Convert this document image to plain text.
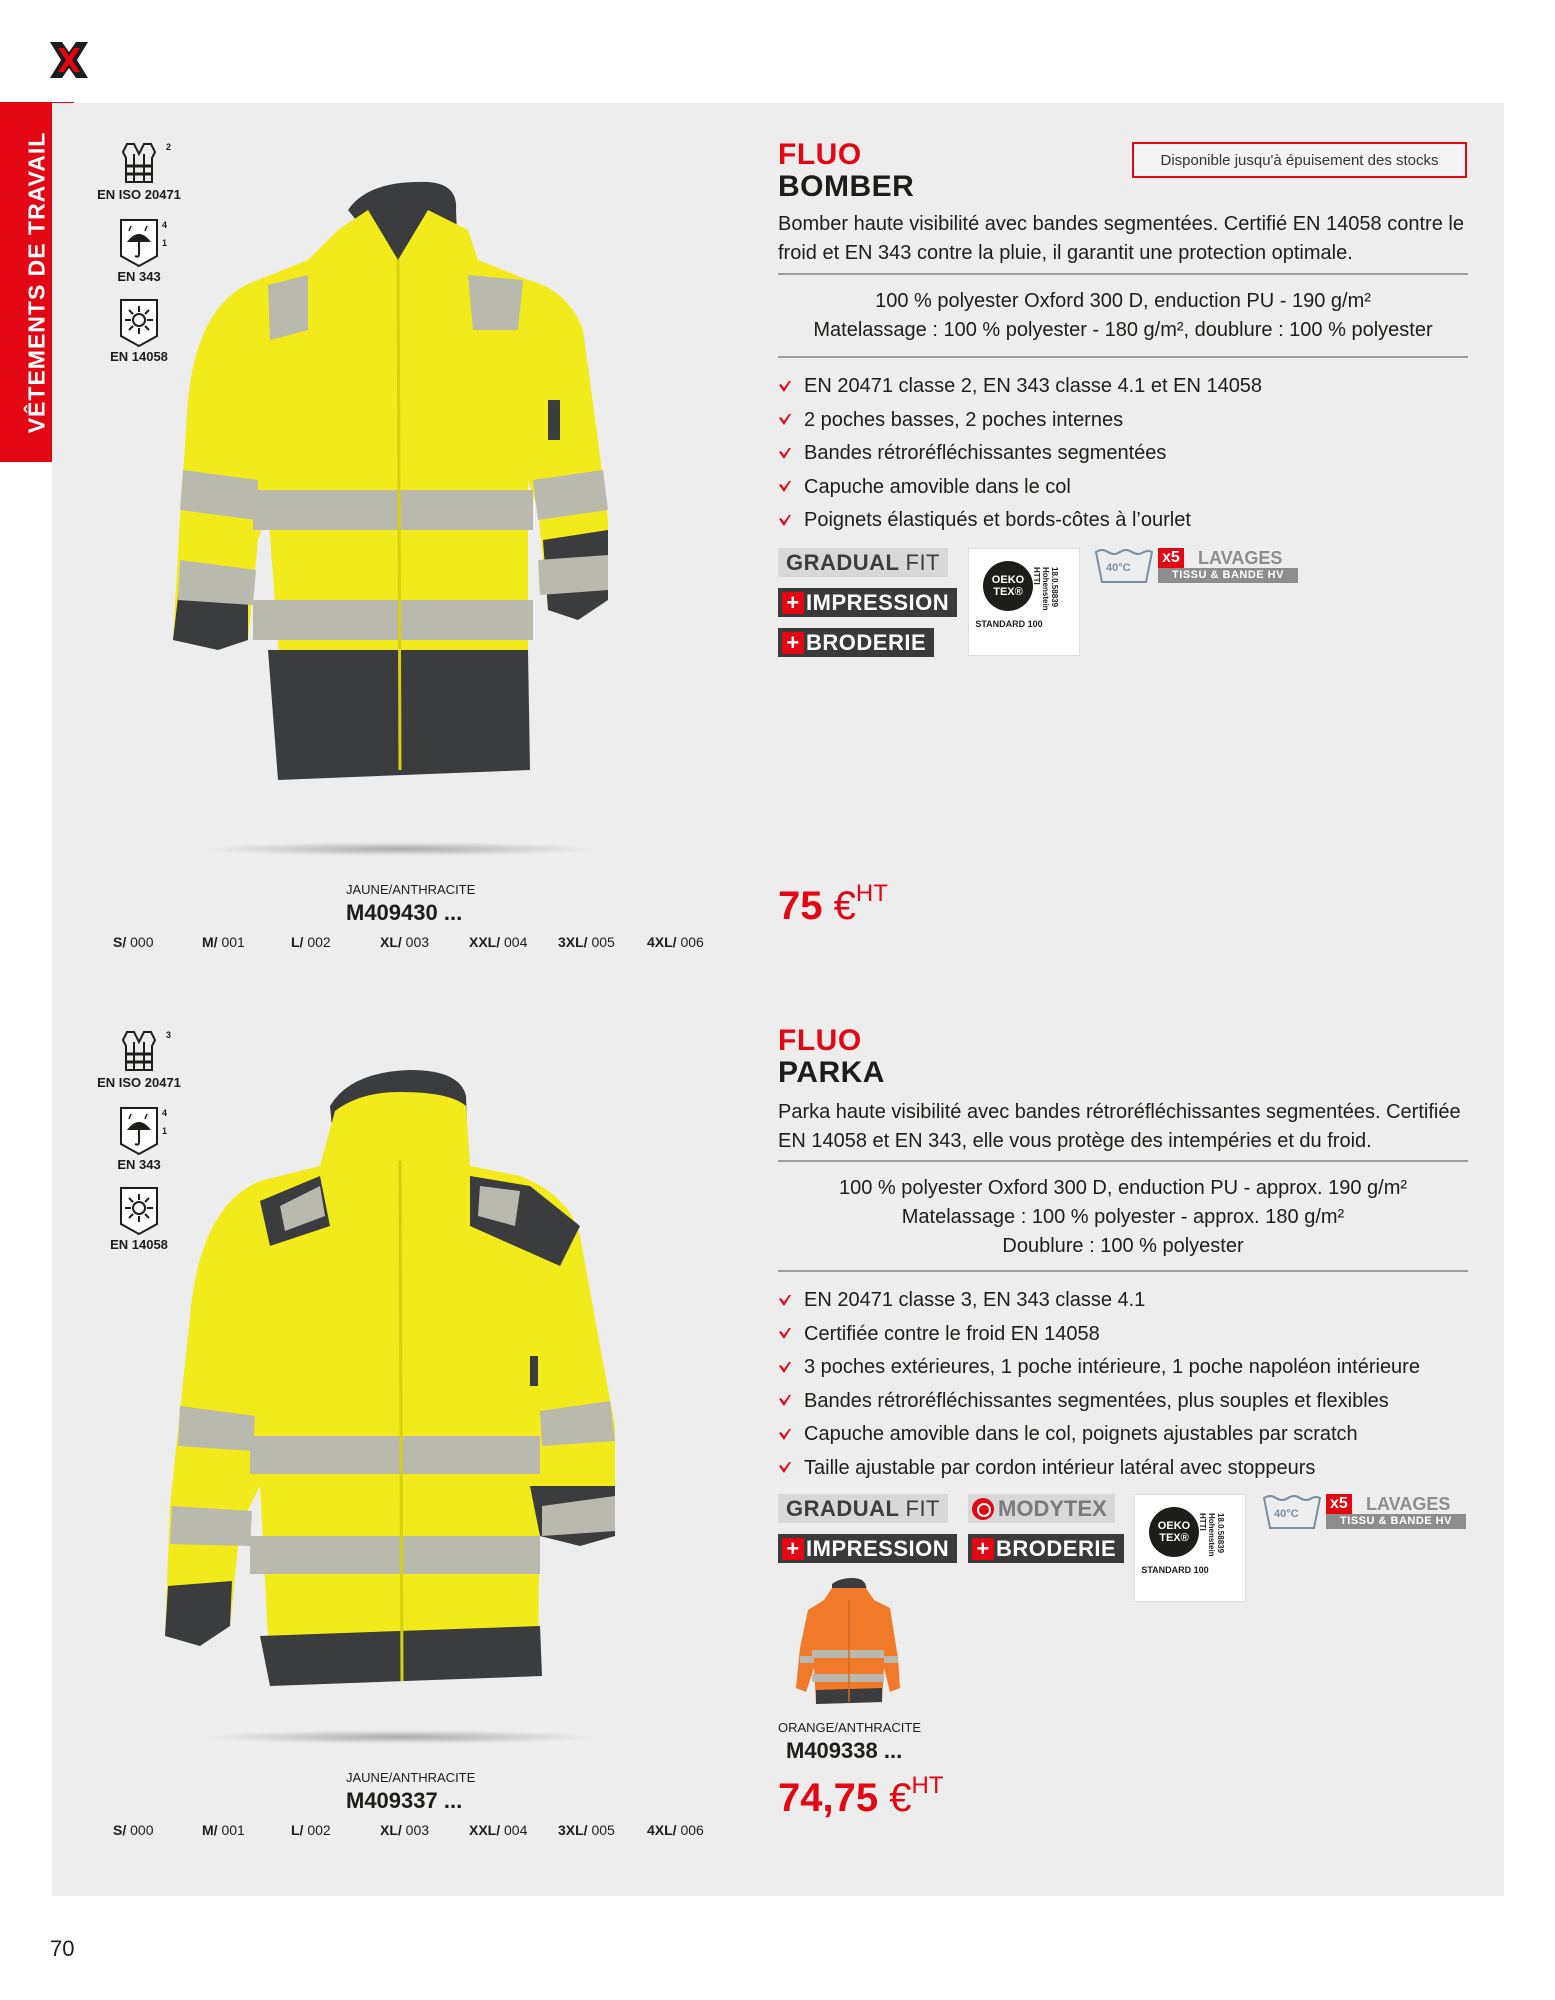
VÊTEMENTS DE TRAVAIL	2
EN ISO 20471
4
1
EN 343
EN 14058
JAUNE/ANTHRACITE
M409430 ...
S/ 000	M/ 001	L/ 002	XL/ 003	XXL/ 004	3XL/ 005	4XL/ 006
FLUO
BOMBER
Disponible jusqu'à épuisement des stocks

Bomber haute visibilité avec bandes segmentées. Certifié EN 14058 contre le froid et EN 343 contre la pluie, il garantit une protection optimale.

100 % polyester Oxford 300 D, enduction PU - 190 g/m²
Matelassage : 100 % polyester - 180 g/m², doublure : 100 % polyester
EN 20471 classe 2, EN 343 classe 4.1 et EN 14058
2 poches basses, 2 poches internes
Bandes rétroréfléchissantes segmentées
Capuche amovible dans le col
Poignets élastiqués et bords-côtes à l’ourlet
GRADUAL FIT
+ IMPRESSION
+ BRODERIE
OEKO TEX®
STANDARD 100
18.0.58839
Hohenstein HTTI	40°C
x5 LAVAGES
TISSU & BANDE HV
75 €$^{HT}$
3
EN ISO 20471
4
1
EN 343
EN 14058
JAUNE/ANTHRACITE
M409337 ...
S/ 000	M/ 001	L/ 002	XL/ 003	XXL/ 004	3XL/ 005	4XL/ 006
FLUO
PARKA

Parka haute visibilité avec bandes rétroréfléchissantes segmentées. Certifiée EN 14058 et EN 343, elle vous protège des intempéries et du froid.

100 % polyester Oxford 300 D, enduction PU - approx. 190 g/m²
Matelassage : 100 % polyester - approx. 180 g/m²
Doublure : 100 % polyester
EN 20471 classe 3, EN 343 classe 4.1
Certifiée contre le froid EN 14058
3 poches extérieures, 1 poche intérieure, 1 poche napoléon intérieure
Bandes rétroréfléchissantes segmentées, plus souples et flexibles
Capuche amovible dans le col, poignets ajustables par scratch
Taille ajustable par cordon intérieur latéral avec stoppeurs
GRADUAL FIT	MODYTEX
+ IMPRESSION + BRODERIE
OEKO TEX®
STANDARD 100
18.0.58839
Hohenstein HTTI	40°C
x5 LAVAGES
TISSU & BANDE HV
ORANGE/ANTHRACITE
M409338 ...
74,75 €$^{HT}$
70
